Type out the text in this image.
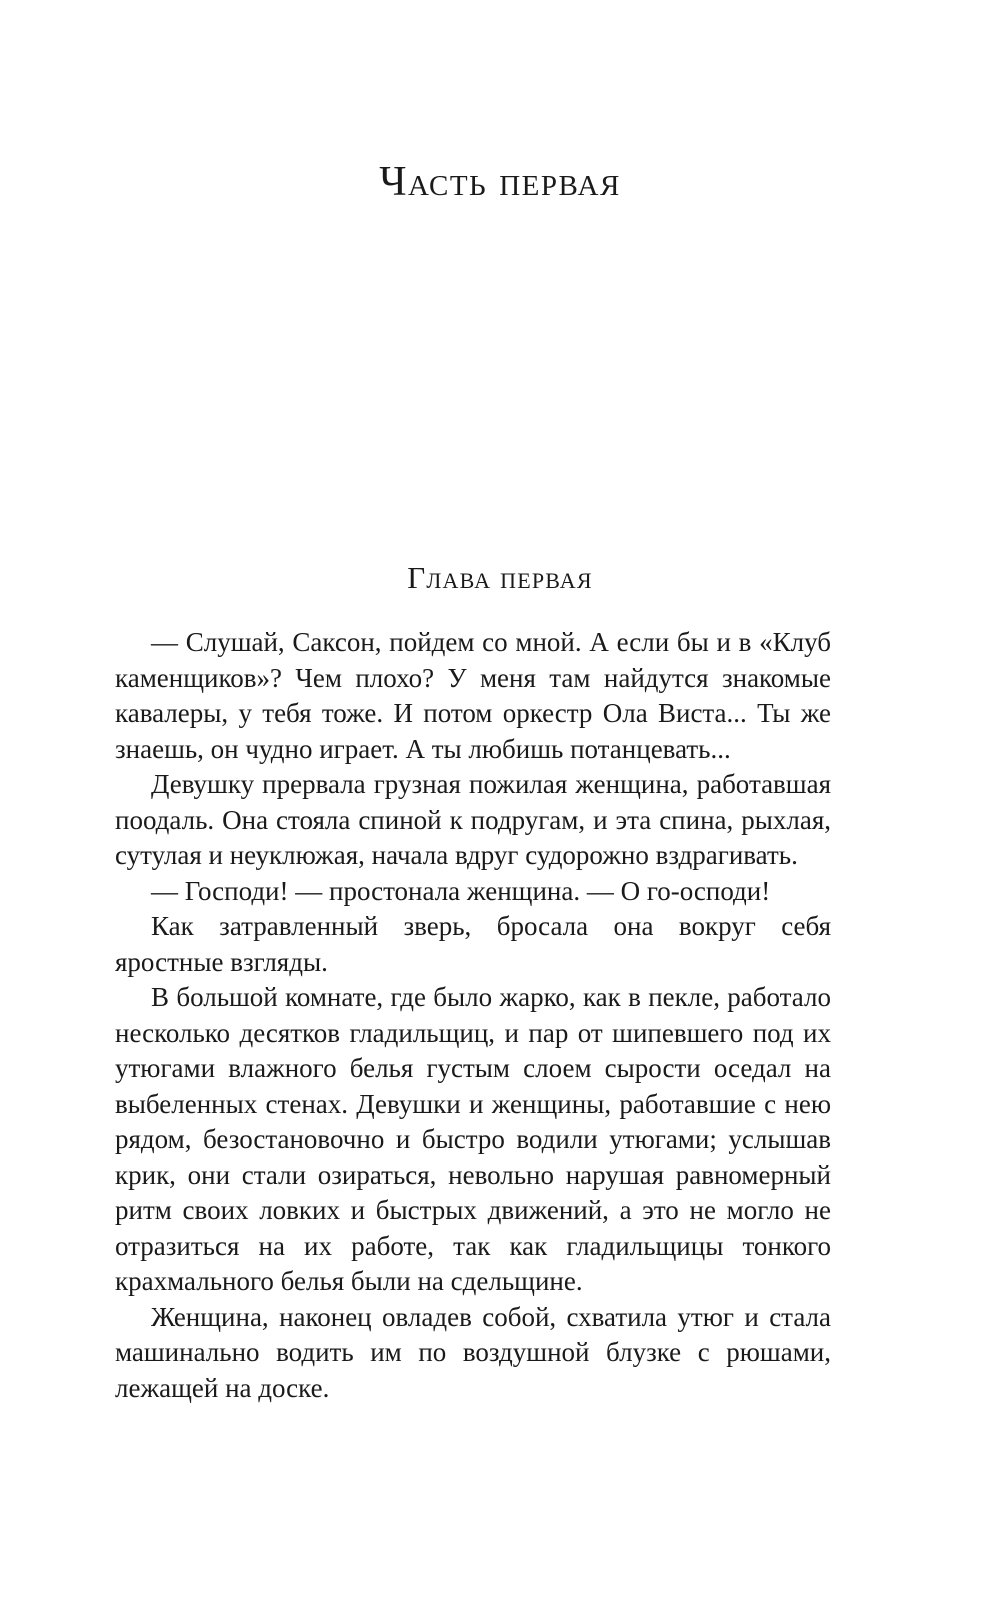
Часть первая
Глава первая

— Слушай, Саксон, пойдем со мной. А если бы и в «Клуб каменщиков»? Чем плохо? У меня там найдутся знакомые кавалеры, у тебя тоже. И потом оркестр Ола Виста... Ты же знаешь, он чудно играет. А ты любишь потанцевать...

Девушку прервала грузная пожилая женщина, работавшая поодаль. Она стояла спиной к подругам, и эта спина, рыхлая, сутулая и неуклюжая, начала вдруг судорожно вздрагивать.

— Господи! — простонала женщина. — О го-осподи!

Как затравленный зверь, бросала она вокруг себя яростные взгляды.

В большой комнате, где было жарко, как в пекле, работало несколько десятков гладильщиц, и пар от шипевшего под их утюгами влажного белья густым слоем сырости оседал на выбеленных стенах. Девушки и женщины, работавшие с нею рядом, безостановочно и быстро водили утюгами; услышав крик, они стали озираться, невольно нарушая равномерный ритм своих ловких и быстрых движений, а это не могло не отразиться на их работе, так как гладильщицы тонкого крахмального белья были на сдельщине.

Женщина, наконец овладев собой, схватила утюг и стала машинально водить им по воздушной блузке с рюшами, лежащей на доске.
